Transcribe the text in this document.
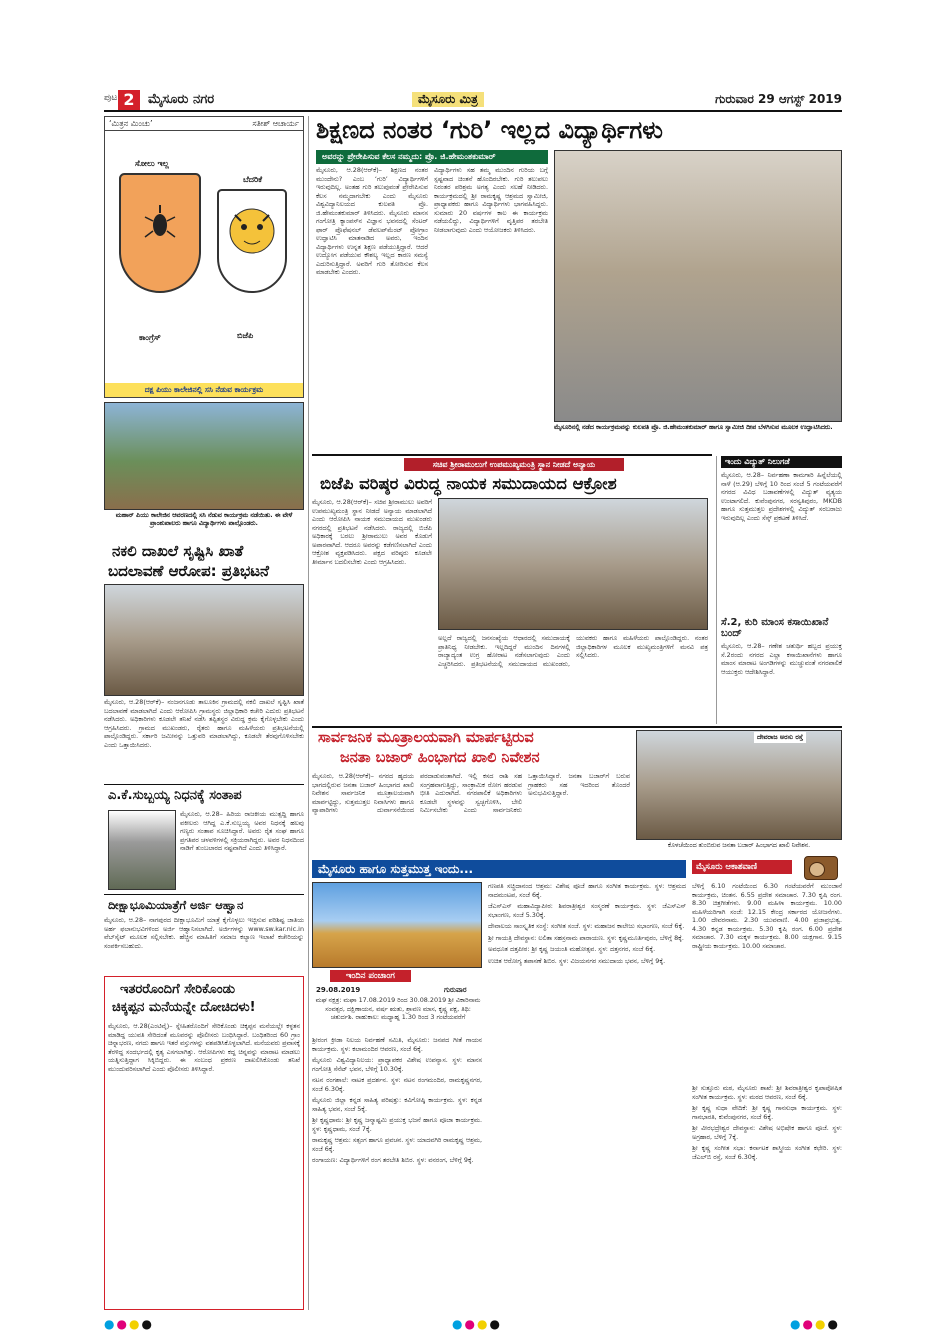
ಪುಟ 2	ಮೈಸೂರು ನಗರ	ಮೈಸೂರು ಮಿತ್ರ	ಗುರುವಾರ 29 ಆಗಸ್ಟ್ 2019
‘ಮಿತ್ರನ ಮಿಂಚು’	ಸತೀಶ್ ಆಚಾರ್ಯ
ಸೋಲು ಇಲ್ಲ
ಬೆದರಿಕೆ
ಕಾಂಗ್ರೆಸ್	ಬಿಜೆಪಿ
ದಕ್ಷ ಪಿಯು ಕಾಲೇಜಿನಲ್ಲಿ ಸಸಿ ನೆಡುವ ಕಾರ್ಯಕ್ರಮ
ಮಹಾನ್ ಪಿಯು ಕಾಲೇಜಿನ ಆವರಣದಲ್ಲಿ ಸಸಿ ನೆಡುವ ಕಾರ್ಯಕ್ರಮ ನಡೆಯಿತು. ಈ ವೇಳೆ ಪ್ರಾಂಶುಪಾಲರು ಹಾಗೂ ವಿದ್ಯಾರ್ಥಿಗಳು ಪಾಲ್ಗೊಂಡರು.
ನಕಲಿ ದಾಖಲೆ ಸೃಷ್ಟಿಸಿ ಖಾತೆ
ಬದಲಾವಣೆ ಆರೋಪ: ಪ್ರತಿಭಟನೆ
ಮೈಸೂರು, ಆ.28(ಆರ್‌ಕೆ)– ನಂಜನಗೂಡು ತಾಲೂಕಿನ ಗ್ರಾಮದಲ್ಲಿ ನಕಲಿ ದಾಖಲೆ ಸೃಷ್ಟಿಸಿ ಖಾತೆ ಬದಲಾವಣೆ ಮಾಡಲಾಗಿದೆ ಎಂದು ಆರೋಪಿಸಿ ಗ್ರಾಮಸ್ಥರು ಜಿಲ್ಲಾಧಿಕಾರಿ ಕಚೇರಿ ಎದುರು ಪ್ರತಿಭಟನೆ ನಡೆಸಿದರು. ಅಧಿಕಾರಿಗಳು ಕೂಡಲೇ ತನಿಖೆ ನಡೆಸಿ ತಪ್ಪಿತಸ್ಥರ ವಿರುದ್ಧ ಕ್ರಮ ಕೈಗೊಳ್ಳಬೇಕು ಎಂದು ಆಗ್ರಹಿಸಿದರು. ಗ್ರಾಮದ ಮುಖಂಡರು, ರೈತರು ಹಾಗೂ ಮಹಿಳೆಯರು ಪ್ರತಿಭಟನೆಯಲ್ಲಿ ಪಾಲ್ಗೊಂಡಿದ್ದರು. ಸರ್ಕಾರಿ ಜಮೀನನ್ನು ಒತ್ತುವರಿ ಮಾಡಲಾಗಿದ್ದು, ಕೂಡಲೇ ತೆರವುಗೊಳಿಸಬೇಕು ಎಂದು ಒತ್ತಾಯಿಸಿದರು.
ಎ.ಕೆ.ಸುಬ್ಬಯ್ಯ ನಿಧನಕ್ಕೆ ಸಂತಾಪ
ಮೈಸೂರು, ಆ.28– ಹಿರಿಯ ರಾಜಕೀಯ ಮುತ್ಸದ್ದಿ ಹಾಗೂ ವಕೀಲರು ಆಗಿದ್ದ ಎ.ಕೆ.ಸುಬ್ಬಯ್ಯ ಅವರ ನಿಧನಕ್ಕೆ ಹಲವು ಗಣ್ಯರು ಸಂತಾಪ ಸೂಚಿಸಿದ್ದಾರೆ. ಅವರು ರೈತ ಸಂಘ ಹಾಗೂ ಪ್ರಗತಿಪರ ಚಳವಳಿಗಳಲ್ಲಿ ಸಕ್ರಿಯರಾಗಿದ್ದರು. ಅವರ ನಿಧನದಿಂದ ನಾಡಿಗೆ ತುಂಬಲಾರದ ನಷ್ಟವಾಗಿದೆ ಎಂದು ತಿಳಿಸಿದ್ದಾರೆ.
ದೀಕ್ಷಾಭೂಮಿಯಾತ್ರೆಗೆ ಅರ್ಜಿ ಆಹ್ವಾನ
ಮೈಸೂರು, ಆ.28– ನಾಗಪುರದ ದೀಕ್ಷಾಭೂಮಿಗೆ ಯಾತ್ರೆ ಕೈಗೊಳ್ಳಲು ಇಚ್ಛಿಸುವ ಪರಿಶಿಷ್ಟ ಜಾತಿಯ ಅರ್ಹ ಫಲಾನುಭವಿಗಳಿಂದ ಅರ್ಜಿ ಆಹ್ವಾನಿಸಲಾಗಿದೆ. ಅರ್ಜಿಗಳನ್ನು www.sw.kar.nic.in ವೆಬ್‌ಸೈಟ್ ಮೂಲಕ ಸಲ್ಲಿಸಬೇಕು. ಹೆಚ್ಚಿನ ಮಾಹಿತಿಗೆ ಸಮಾಜ ಕಲ್ಯಾಣ ಇಲಾಖೆ ಕಚೇರಿಯನ್ನು ಸಂಪರ್ಕಿಸಬಹುದು.
ಇತರರೊಂದಿಗೆ ಸೇರಿಕೊಂಡು
ಚಿಕ್ಕಪ್ಪನ ಮನೆಯನ್ನೇ ದೋಚಿದಳು!
ಮೈಸೂರು, ಆ.28(ಎಂಟಿವೈ)– ಸ್ನೇಹಿತರೊಂದಿಗೆ ಸೇರಿಕೊಂಡು ಚಿಕ್ಕಪ್ಪನ ಮನೆಯಲ್ಲೇ ಕಳ್ಳತನ ಮಾಡಿದ್ದ ಯುವತಿ ಸೇರಿದಂತೆ ಮೂವರನ್ನು ಪೊಲೀಸರು ಬಂಧಿಸಿದ್ದಾರೆ. ಬಂಧಿತರಿಂದ 60 ಗ್ರಾಂ ಚಿನ್ನಾಭರಣ, ನಗದು ಹಾಗೂ ಇತರೆ ವಸ್ತುಗಳನ್ನು ವಶಪಡಿಸಿಕೊಳ್ಳಲಾಗಿದೆ. ಮನೆಯವರು ಪ್ರವಾಸಕ್ಕೆ ತೆರಳಿದ್ದ ಸಂದರ್ಭದಲ್ಲಿ ಕೃತ್ಯ ಎಸಗಲಾಗಿತ್ತು. ಆರೋಪಿಗಳು ಕದ್ದ ಚಿನ್ನವನ್ನು ಮಾರಾಟ ಮಾಡಲು ಯತ್ನಿಸುತ್ತಿದ್ದಾಗ ಸಿಕ್ಕಿಬಿದ್ದರು. ಈ ಸಂಬಂಧ ಪ್ರಕರಣ ದಾಖಲಿಸಿಕೊಂಡು ತನಿಖೆ ಮುಂದುವರಿಸಲಾಗಿದೆ ಎಂದು ಪೊಲೀಸರು ತಿಳಿಸಿದ್ದಾರೆ.
ಶಿಕ್ಷಣದ ನಂತರ ‘ಗುರಿ’ ಇಲ್ಲದ ವಿದ್ಯಾರ್ಥಿಗಳು
ಅವರನ್ನು ಪ್ರೇರೇಪಿಸುವ ಕೆಲಸ ನಮ್ಮದು: ಪ್ರೊ. ಜಿ.ಹೇಮಂತಕುಮಾರ್
ಮೈಸೂರು, ಆ.28(ಆರ್‌ಕೆ)– ಶಿಕ್ಷಣದ ನಂತರ ಮುಂದೇನು? ಎಂಬ ‘ಗುರಿ’ ವಿದ್ಯಾರ್ಥಿಗಳಿಗೆ ಇರುವುದಿಲ್ಲ. ಅಂತಹ ಗುರಿ ತಲುಪುವಂತೆ ಪ್ರೇರೇಪಿಸುವ ಕೆಲಸ ನಮ್ಮದಾಗಬೇಕು ಎಂದು ಮೈಸೂರು ವಿಶ್ವವಿದ್ಯಾನಿಲಯದ ಕುಲಪತಿ ಪ್ರೊ. ಜಿ.ಹೇಮಂತಕುಮಾರ್ ತಿಳಿಸಿದರು. ಮೈಸೂರು ಮಾನಸ ಗಂಗೋತ್ರಿ ಕ್ಯಾಂಪಸ್‌ನ ವಿಜ್ಞಾನ ಭವನದಲ್ಲಿ ಸೆಂಟರ್ ಫಾರ್ ಪ್ರೊಫೆಷನಲ್ ಡೆವಲಪ್‌ಮೆಂಟ್ ಪ್ರೋಗ್ರಾಂ ಉದ್ಘಾಟಿಸಿ ಮಾತನಾಡಿದ ಅವರು, ಇಂದಿನ ವಿದ್ಯಾರ್ಥಿಗಳು ಉನ್ನತ ಶಿಕ್ಷಣ ಪಡೆಯುತ್ತಿದ್ದಾರೆ. ಆದರೆ ಉದ್ಯೋಗ ಪಡೆಯುವ ಕೌಶಲ್ಯ ಇಲ್ಲದ ಕಾರಣ ಸಮಸ್ಯೆ ಎದುರಿಸುತ್ತಿದ್ದಾರೆ. ಅವರಿಗೆ ಗುರಿ ತೋರಿಸುವ ಕೆಲಸ ಮಾಡಬೇಕು ಎಂದರು.
ವಿದ್ಯಾರ್ಥಿಗಳು ಸಹ ತಮ್ಮ ಮುಂದಿನ ಗುರಿಯ ಬಗ್ಗೆ ಸ್ಪಷ್ಟವಾದ ಚಿಂತನೆ ಹೊಂದಿರಬೇಕು. ಗುರಿ ತಲುಪಲು ನಿರಂತರ ಪರಿಶ್ರಮ ಅಗತ್ಯ ಎಂದು ಸಲಹೆ ನೀಡಿದರು. ಕಾರ್ಯಕ್ರಮದಲ್ಲಿ ಶ್ರೀ ರಾಮಕೃಷ್ಣ ಆಶ್ರಮದ ಸ್ವಾಮೀಜಿ, ಪ್ರಾಧ್ಯಾಪಕರು ಹಾಗೂ ವಿದ್ಯಾರ್ಥಿಗಳು ಭಾಗವಹಿಸಿದ್ದರು. ಸುಮಾರು 20 ವರ್ಷಗಳ ಕಾಲ ಈ ಕಾರ್ಯಕ್ರಮ ನಡೆಯಲಿದ್ದು, ವಿದ್ಯಾರ್ಥಿಗಳಿಗೆ ವೃತ್ತಿಪರ ತರಬೇತಿ ನೀಡಲಾಗುವುದು ಎಂದು ಆಯೋಜಕರು ತಿಳಿಸಿದರು.
ಮೈಸೂರಿನಲ್ಲಿ ನಡೆದ ಕಾರ್ಯಕ್ರಮವನ್ನು ಕುಲಪತಿ ಪ್ರೊ. ಜಿ.ಹೇಮಂತಕುಮಾರ್ ಹಾಗೂ ಸ್ವಾಮೀಜಿ ದೀಪ ಬೆಳಗಿಸುವ ಮೂಲಕ ಉದ್ಘಾಟಿಸಿದರು.
ಸಚಿವ ಶ್ರೀರಾಮುಲುಗೆ ಉಪಮುಖ್ಯಮಂತ್ರಿ ಸ್ಥಾನ ನೀಡದೆ ಅನ್ಯಾಯ
ಬಿಜೆಪಿ ವರಿಷ್ಠರ ವಿರುದ್ಧ ನಾಯಕ ಸಮುದಾಯದ ಆಕ್ರೋಶ
ಮೈಸೂರು, ಆ.28(ಆರ್‌ಕೆ)– ಸಚಿವ ಶ್ರೀರಾಮುಲು ಅವರಿಗೆ ಉಪಮುಖ್ಯಮಂತ್ರಿ ಸ್ಥಾನ ನೀಡದೆ ಅನ್ಯಾಯ ಮಾಡಲಾಗಿದೆ ಎಂದು ಆರೋಪಿಸಿ ನಾಯಕ ಸಮುದಾಯದ ಮುಖಂಡರು ನಗರದಲ್ಲಿ ಪ್ರತಿಭಟನೆ ನಡೆಸಿದರು. ರಾಜ್ಯದಲ್ಲಿ ಬಿಜೆಪಿ ಅಧಿಕಾರಕ್ಕೆ ಬರಲು ಶ್ರೀರಾಮುಲು ಅವರ ಕೊಡುಗೆ ಅಪಾರವಾಗಿದೆ. ಆದರೂ ಅವರನ್ನು ಕಡೆಗಣಿಸಲಾಗಿದೆ ಎಂದು ಆಕ್ರೋಶ ವ್ಯಕ್ತಪಡಿಸಿದರು. ಪಕ್ಷದ ವರಿಷ್ಠರು ಕೂಡಲೇ ತೀರ್ಮಾನ ಬದಲಿಸಬೇಕು ಎಂದು ಆಗ್ರಹಿಸಿದರು.
ಅಲ್ಲದೆ ರಾಜ್ಯದಲ್ಲಿ ಜನಸಂಖ್ಯೆಯ ಆಧಾರದಲ್ಲಿ ಸಮುದಾಯಕ್ಕೆ ಪ್ರಾತಿನಿಧ್ಯ ನೀಡಬೇಕು. ಇಲ್ಲದಿದ್ದರೆ ಮುಂದಿನ ದಿನಗಳಲ್ಲಿ ರಾಜ್ಯಾದ್ಯಂತ ಉಗ್ರ ಹೋರಾಟ ನಡೆಸಲಾಗುವುದು ಎಂದು ಎಚ್ಚರಿಸಿದರು. ಪ್ರತಿಭಟನೆಯಲ್ಲಿ ಸಮುದಾಯದ ಮುಖಂಡರು, ಯುವಕರು ಹಾಗೂ ಮಹಿಳೆಯರು ಪಾಲ್ಗೊಂಡಿದ್ದರು. ನಂತರ ಜಿಲ್ಲಾಧಿಕಾರಿಗಳ ಮೂಲಕ ಮುಖ್ಯಮಂತ್ರಿಗಳಿಗೆ ಮನವಿ ಪತ್ರ ಸಲ್ಲಿಸಿದರು.
ಇಂದು ವಿದ್ಯುತ್ ನಿಲುಗಡೆ
ಮೈಸೂರು, ಆ.28– ನಿರ್ವಹಣಾ ಕಾಮಗಾರಿ ಹಿನ್ನೆಲೆಯಲ್ಲಿ ನಾಳೆ (ಆ.29) ಬೆಳಿಗ್ಗೆ 10 ರಿಂದ ಸಂಜೆ 5 ಗಂಟೆಯವರೆಗೆ ನಗರದ ವಿವಿಧ ಬಡಾವಣೆಗಳಲ್ಲಿ ವಿದ್ಯುತ್ ವ್ಯತ್ಯಯ ಉಂಟಾಗಲಿದೆ. ಕುವೆಂಪುನಗರ, ಸರಸ್ವತಿಪುರಂ, MKDB ಹಾಗೂ ಸುತ್ತಮುತ್ತಲ ಪ್ರದೇಶಗಳಲ್ಲಿ ವಿದ್ಯುತ್ ಸರಬರಾಜು ಇರುವುದಿಲ್ಲ ಎಂದು ಸೆಸ್ಕ್ ಪ್ರಕಟಣೆ ತಿಳಿಸಿದೆ.
ಸೆ.2, ಕುರಿ ಮಾಂಸ ಕಸಾಯಿಖಾನೆ ಬಂದ್
ಮೈಸೂರು, ಆ.28– ಗಣೇಶ ಚತುರ್ಥಿ ಹಬ್ಬದ ಪ್ರಯುಕ್ತ ಸೆ.2ರಂದು ನಗರದ ಎಲ್ಲಾ ಕಸಾಯಿಖಾನೆಗಳು ಹಾಗೂ ಮಾಂಸ ಮಾರಾಟ ಅಂಗಡಿಗಳನ್ನು ಮುಚ್ಚುವಂತೆ ನಗರಪಾಲಿಕೆ ಆಯುಕ್ತರು ಆದೇಶಿಸಿದ್ದಾರೆ.
ಸಾರ್ವಜನಿಕ ಮೂತ್ರಾಲಯವಾಗಿ ಮಾರ್ಪಟ್ಟಿರುವ
ಜನತಾ ಬಜಾರ್ ಹಿಂಭಾಗದ ಖಾಲಿ ನಿವೇಶನ
ಮೈಸೂರು, ಆ.28(ಆರ್‌ಕೆ)– ನಗರದ ಹೃದಯ ಭಾಗದಲ್ಲಿರುವ ಜನತಾ ಬಜಾರ್ ಹಿಂಭಾಗದ ಖಾಲಿ ನಿವೇಶನ ಸಾರ್ವಜನಿಕ ಮೂತ್ರಾಲಯವಾಗಿ ಮಾರ್ಪಟ್ಟಿದ್ದು, ಸುತ್ತಮುತ್ತಲ ನಿವಾಸಿಗಳು ಹಾಗೂ ವ್ಯಾಪಾರಿಗಳು ದುರ್ವಾಸನೆಯಿಂದ ಪರದಾಡುವಂತಾಗಿದೆ. ಇಲ್ಲಿ ಕಸದ ರಾಶಿ ಸಹ ಸಂಗ್ರಹವಾಗುತ್ತಿದ್ದು, ಸಾಂಕ್ರಾಮಿಕ ರೋಗ ಹರಡುವ ಭೀತಿ ಎದುರಾಗಿದೆ. ನಗರಪಾಲಿಕೆ ಅಧಿಕಾರಿಗಳು ಕೂಡಲೇ ಸ್ಥಳವನ್ನು ಸ್ವಚ್ಛಗೊಳಿಸಿ, ಬೇಲಿ ನಿರ್ಮಿಸಬೇಕು ಎಂದು ಸಾರ್ವಜನಿಕರು ಒತ್ತಾಯಿಸಿದ್ದಾರೆ. ಜನತಾ ಬಜಾರ್‌ಗೆ ಬರುವ ಗ್ರಾಹಕರು ಸಹ ಇದರಿಂದ ತೊಂದರೆ ಅನುಭವಿಸುತ್ತಿದ್ದಾರೆ.
ದೇವರಾಜ ಅರಸು ರಸ್ತೆ
ಕೊಳಚೆಯಿಂದ ತುಂಬಿರುವ ಜನತಾ ಬಜಾರ್ ಹಿಂಭಾಗದ ಖಾಲಿ ನಿವೇಶನ.
ಮೈಸೂರು ಹಾಗೂ ಸುತ್ತಮುತ್ತ ಇಂದು...
ಇಂದಿನ ಪಂಚಾಂಗ
29.08.2019	ಗುರುವಾರ
ಮಘ ನಕ್ಷತ್ರ: ಮಘಾ 17.08.2019 ರಿಂದ 30.08.2019 ಶ್ರೀ ವಿಕಾರಿನಾಮ ಸಂವತ್ಸರ, ದಕ್ಷಿಣಾಯನ, ವರ್ಷ ಋತು, ಶ್ರಾವಣ ಮಾಸ, ಕೃಷ್ಣ ಪಕ್ಷ, ತಿಥಿ: ಚತುರ್ದಶಿ. ರಾಹುಕಾಲ: ಮಧ್ಯಾಹ್ನ 1.30 ರಿಂದ 3 ಗಂಟೆಯವರೆಗೆ

ಶ್ರೀರಂಗ ಕ್ರೀಡಾ ನಿಲಯ ನಿರ್ವಹಣೆ ಸಮಿತಿ, ಮೈಸೂರು: ಜನಪದ ಗೀತೆ ಗಾಯನ ಕಾರ್ಯಕ್ರಮ. ಸ್ಥಳ: ಕಲಾಮಂದಿರ ಆವರಣ, ಸಂಜೆ 6ಕ್ಕೆ.

ಮೈಸೂರು ವಿಶ್ವವಿದ್ಯಾನಿಲಯ: ಪ್ರಾಧ್ಯಾಪಕರ ವಿಶೇಷ ಉಪನ್ಯಾಸ. ಸ್ಥಳ: ಮಾನಸ ಗಂಗೋತ್ರಿ ಸೆನೆಟ್ ಭವನ, ಬೆಳಿಗ್ಗೆ 10.30ಕ್ಕೆ.

ನಟನ ರಂಗಶಾಲೆ: ನಾಟಕ ಪ್ರದರ್ಶನ. ಸ್ಥಳ: ನಟನ ರಂಗಮಂದಿರ, ರಾಮಕೃಷ್ಣನಗರ, ಸಂಜೆ 6.30ಕ್ಕೆ.

ಮೈಸೂರು ಜಿಲ್ಲಾ ಕನ್ನಡ ಸಾಹಿತ್ಯ ಪರಿಷತ್ತು: ಕವಿಗೋಷ್ಠಿ ಕಾರ್ಯಕ್ರಮ. ಸ್ಥಳ: ಕನ್ನಡ ಸಾಹಿತ್ಯ ಭವನ, ಸಂಜೆ 5ಕ್ಕೆ.

ಶ್ರೀ ಕೃಷ್ಣಧಾಮ: ಶ್ರೀ ಕೃಷ್ಣ ಜನ್ಮಾಷ್ಟಮಿ ಪ್ರಯುಕ್ತ ಭಜನೆ ಹಾಗೂ ಪೂಜಾ ಕಾರ್ಯಕ್ರಮ. ಸ್ಥಳ: ಕೃಷ್ಣಧಾಮ, ಸಂಜೆ 7ಕ್ಕೆ.

ರಾಮಕೃಷ್ಣ ಆಶ್ರಮ: ಸತ್ಸಂಗ ಹಾಗೂ ಪ್ರವಚನ. ಸ್ಥಳ: ಯಾದವಗಿರಿ ರಾಮಕೃಷ್ಣ ಆಶ್ರಮ, ಸಂಜೆ 6ಕ್ಕೆ.

ರಂಗಾಯಣ: ವಿದ್ಯಾರ್ಥಿಗಳಿಗೆ ರಂಗ ತರಬೇತಿ ಶಿಬಿರ. ಸ್ಥಳ: ವನರಂಗ, ಬೆಳಿಗ್ಗೆ 9ಕ್ಕೆ.

ಗಣಪತಿ ಸಚ್ಚಿದಾನಂದ ಆಶ್ರಮ: ವಿಶೇಷ ಪೂಜೆ ಹಾಗೂ ಸಂಗೀತ ಕಾರ್ಯಕ್ರಮ. ಸ್ಥಳ: ಆಶ್ರಮದ ನಾದಮಂಟಪ, ಸಂಜೆ 6ಕ್ಕೆ.

ಜೆಎಸ್‌ಎಸ್ ಮಹಾವಿದ್ಯಾಪೀಠ: ಶಿವರಾತ್ರೀಶ್ವರ ಸಂಸ್ಮರಣೆ ಕಾರ್ಯಕ್ರಮ. ಸ್ಥಳ: ಜೆಎಸ್‌ಎಸ್ ಸಭಾಂಗಣ, ಸಂಜೆ 5.30ಕ್ಕೆ.

ದೇವಾಲಯ ಸಾಂಸ್ಕೃತಿಕ ಸಂಸ್ಥೆ: ಸಂಗೀತ ಸಂಜೆ. ಸ್ಥಳ: ಮಹಾಜನ ಕಾಲೇಜು ಸಭಾಂಗಣ, ಸಂಜೆ 6ಕ್ಕೆ.

ಶ್ರೀ ಗಾಯತ್ರಿ ದೇವಸ್ಥಾನ: ಲಲಿತಾ ಸಹಸ್ರನಾಮ ಪಾರಾಯಣ. ಸ್ಥಳ: ಕೃಷ್ಣಮೂರ್ತಿಪುರಂ, ಬೆಳಿಗ್ಗೆ 8ಕ್ಕೆ.

ಅವಧೂತ ದತ್ತಪೀಠ: ಶ್ರೀ ಕೃಷ್ಣ ಜಯಂತಿ ಮಹೋತ್ಸವ. ಸ್ಥಳ: ದತ್ತನಗರ, ಸಂಜೆ 6ಕ್ಕೆ.

ಉಚಿತ ಆರೋಗ್ಯ ತಪಾಸಣೆ ಶಿಬಿರ. ಸ್ಥಳ: ವಿಜಯನಗರ ಸಮುದಾಯ ಭವನ, ಬೆಳಿಗ್ಗೆ 9ಕ್ಕೆ.

ಮೈಸೂರು ಆಕಾಶವಾಣಿ
ಬೆಳಿಗ್ಗೆ 6.10 ಗಂಟೆಯಿಂದ 6.30 ಗಂಟೆಯವರೆಗೆ ಮುಂಜಾನೆ ಕಾರ್ಯಕ್ರಮ, ಚಿಂತನ. 6.55 ಪ್ರದೇಶ ಸಮಾಚಾರ. 7.30 ಕೃಷಿ ರಂಗ. 8.30 ಚಿತ್ರಗೀತೆಗಳು. 9.00 ಮಹಿಳಾ ಕಾರ್ಯಕ್ರಮ. 10.00 ಮಹಿಳೆಯರಿಗಾಗಿ ಸಂಜೆ: 12.15 ಕೇಂದ್ರ ಸರ್ಕಾರದ ಯೋಜನೆಗಳು. 1.00 ದೇವರನಾಮ. 2.30 ಯುವವಾಣಿ. 4.00 ಪ್ರಜಾಪ್ರಭುತ್ವ. 4.30 ಕನ್ನಡ ಕಾರ್ಯಕ್ರಮ. 5.30 ಕೃಷಿ ರಂಗ. 6.00 ಪ್ರದೇಶ ಸಮಾಚಾರ. 7.30 ಮಕ್ಕಳ ಕಾರ್ಯಕ್ರಮ. 8.00 ಯಕ್ಷಗಾನ. 9.15 ರಾಷ್ಟ್ರೀಯ ಕಾರ್ಯಕ್ರಮ. 10.00 ಸಮಾಚಾರ.

ಶ್ರೀ ಸುತ್ತೂರು ಮಠ, ಮೈಸೂರು ಶಾಖೆ: ಶ್ರೀ ಶಿವರಾತ್ರೀಶ್ವರ ಕೃಪಾಪೋಷಿತ ಸಂಗೀತ ಕಾರ್ಯಕ್ರಮ. ಸ್ಥಳ: ಮಠದ ಆವರಣ, ಸಂಜೆ 6ಕ್ಕೆ.

ಶ್ರೀ ಕೃಷ್ಣ ಸುಧಾ ವೇದಿಕೆ: ಶ್ರೀ ಕೃಷ್ಣ ಗಾನಸುಧಾ ಕಾರ್ಯಕ್ರಮ. ಸ್ಥಳ: ಗಾನಭಾರತಿ, ಕುವೆಂಪುನಗರ, ಸಂಜೆ 6ಕ್ಕೆ.

ಶ್ರೀ ವೀರಭದ್ರೇಶ್ವರ ದೇವಸ್ಥಾನ: ವಿಶೇಷ ಅಭಿಷೇಕ ಹಾಗೂ ಪೂಜೆ. ಸ್ಥಳ: ಅಗ್ರಹಾರ, ಬೆಳಿಗ್ಗೆ 7ಕ್ಕೆ.

ಶ್ರೀ ಕೃಷ್ಣ ಸಂಗೀತ ಸಭಾ: ಕರ್ನಾಟಕ ಶಾಸ್ತ್ರೀಯ ಸಂಗೀತ ಕಛೇರಿ. ಸ್ಥಳ: ಜೆಎಲ್‌ಬಿ ರಸ್ತೆ, ಸಂಜೆ 6.30ಕ್ಕೆ.

●●●●	●●●●	●●●●
